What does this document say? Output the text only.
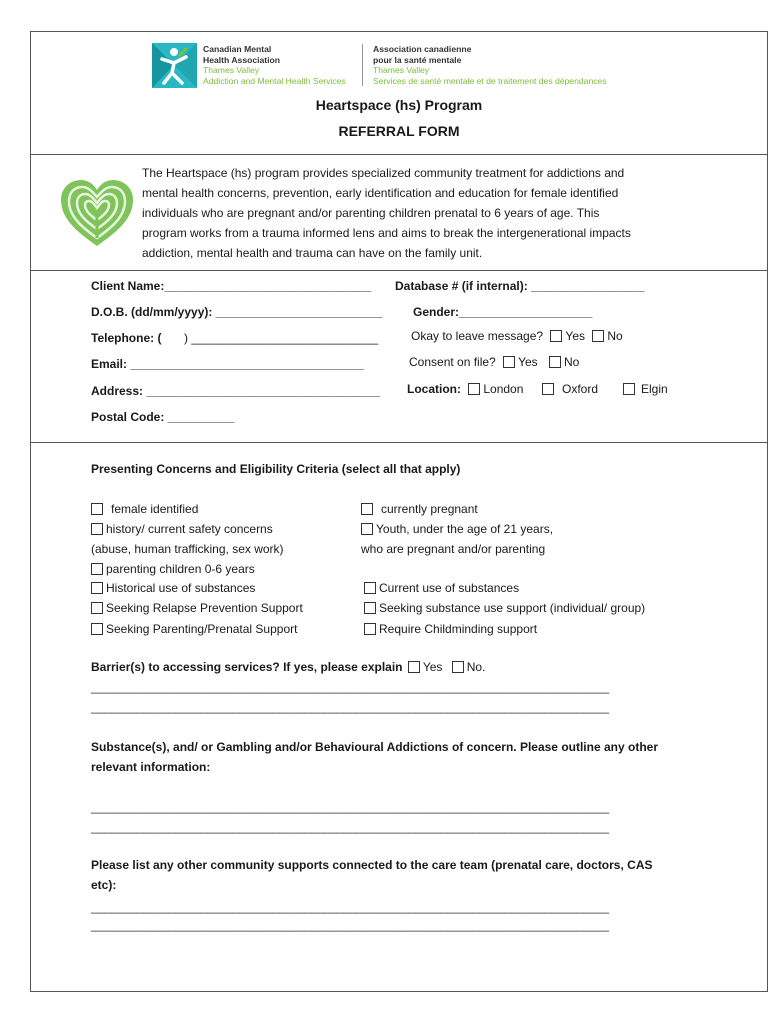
Canadian Mental
Health Association
Thames Valley
Addiction and Mental Health Services
Association canadienne
pour la santé mentale
Thames Valley
Services de santé mentale et de traitement des dépendances
Heartspace (hs) Program
REFERRAL FORM
The Heartspace (hs) program provides specialized community treatment for addictions and
mental health concerns, prevention, early identification and education for female identified
individuals who are pregnant and/or parenting children prenatal to 6 years of age. This
program works from a trauma informed lens and aims to break the intergenerational impacts
addiction, mental health and trauma can have on the family unit.
Client Name:_______________________________ Database # (if internal): _________________
D.O.B. (dd/mm/yyyy): _________________________	Gender:____________________
Telephone: ( ) ____________________________	Okay to leave message? Yes No
Email: ___________________________________	Consent on file? Yes No
Address: ___________________________________ Location: London	Oxford	Elgin
Postal Code: __________
Presenting Concerns and Eligibility Criteria (select all that apply)
female identified	currently pregnant
history/ current safety concerns	Youth, under the age of 21 years,
(abuse, human trafficking, sex work)	who are pregnant and/or parenting
parenting children 0-6 years
Historical use of substances	Current use of substances
Seeking Relapse Prevention Support	Seeking substance use support (individual/ group)
Seeking Parenting/Prenatal Support	Require Childminding support
Barrier(s) to accessing services? If yes, please explain Yes No.
________________________________________________________________________________
________________________________________________________________________________
Substance(s), and/ or Gambling and/or Behavioural Addictions of concern. Please outline any other
relevant information:
________________________________________________________________________________
________________________________________________________________________________
Please list any other community supports connected to the care team (prenatal care, doctors, CAS
etc):
________________________________________________________________________________
________________________________________________________________________________
